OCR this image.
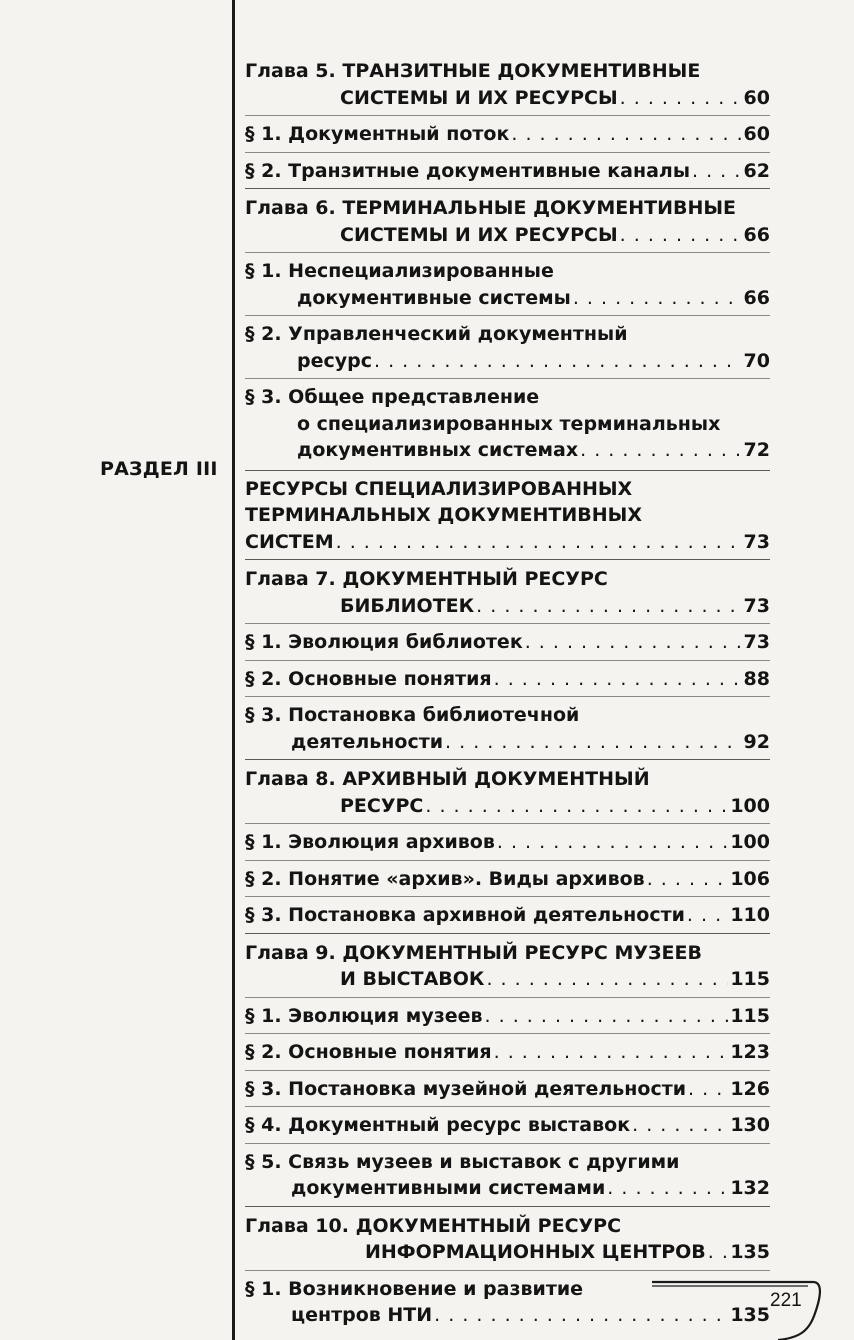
РАЗДЕЛ III
Глава 5. ТРАНЗИТНЫЕ ДОКУМЕНТИВНЫЕ
СИСТЕМЫ И ИХ РЕСУРСЫ . . .	60
§ 1. Документный поток . . .	60
§ 2. Транзитные документивные каналы . . .	62
Глава 6. ТЕРМИНАЛЬНЫЕ ДОКУМЕНТИВНЫЕ
СИСТЕМЫ И ИХ РЕСУРСЫ . . .	66
§ 1. Неспециализированные
документивные системы . . .	66
§ 2. Управленческий документный
ресурс . . .	70
§ 3. Общее представление
о специализированных терминальных
документивных системах . . .	72
РЕСУРСЫ СПЕЦИАЛИЗИРОВАННЫХ
ТЕРМИНАЛЬНЫХ ДОКУМЕНТИВНЫХ
СИСТЕМ . . .	73
Глава 7. ДОКУМЕНТНЫЙ РЕСУРС
БИБЛИОТЕК . . .	73
§ 1. Эволюция библиотек . . .	73
§ 2. Основные понятия . . .	88
§ 3. Постановка библиотечной
деятельности . . .	92
Глава 8. АРХИВНЫЙ ДОКУМЕНТНЫЙ
РЕСУРС . . .	100
§ 1. Эволюция архивов . . .	100
§ 2. Понятие «архив». Виды архивов . . .	106
§ 3. Постановка архивной деятельности . . . 110
Глава 9. ДОКУМЕНТНЫЙ РЕСУРС МУЗЕЕВ
И ВЫСТАВОК . . .	115
§ 1. Эволюция музеев . . .	115
§ 2. Основные понятия . . .	123
§ 3. Постановка музейной деятельности . . . 126
§ 4. Документный ресурс выставок . . .	130
§ 5. Связь музеев и выставок с другими
документивными системами . . .	132
Глава 10. ДОКУМЕНТНЫЙ РЕСУРС
ИНФОРМАЦИОННЫХ ЦЕНТРОВ . . . 135
§ 1. Возникновение и развитие
центров НТИ . . .	135
221
